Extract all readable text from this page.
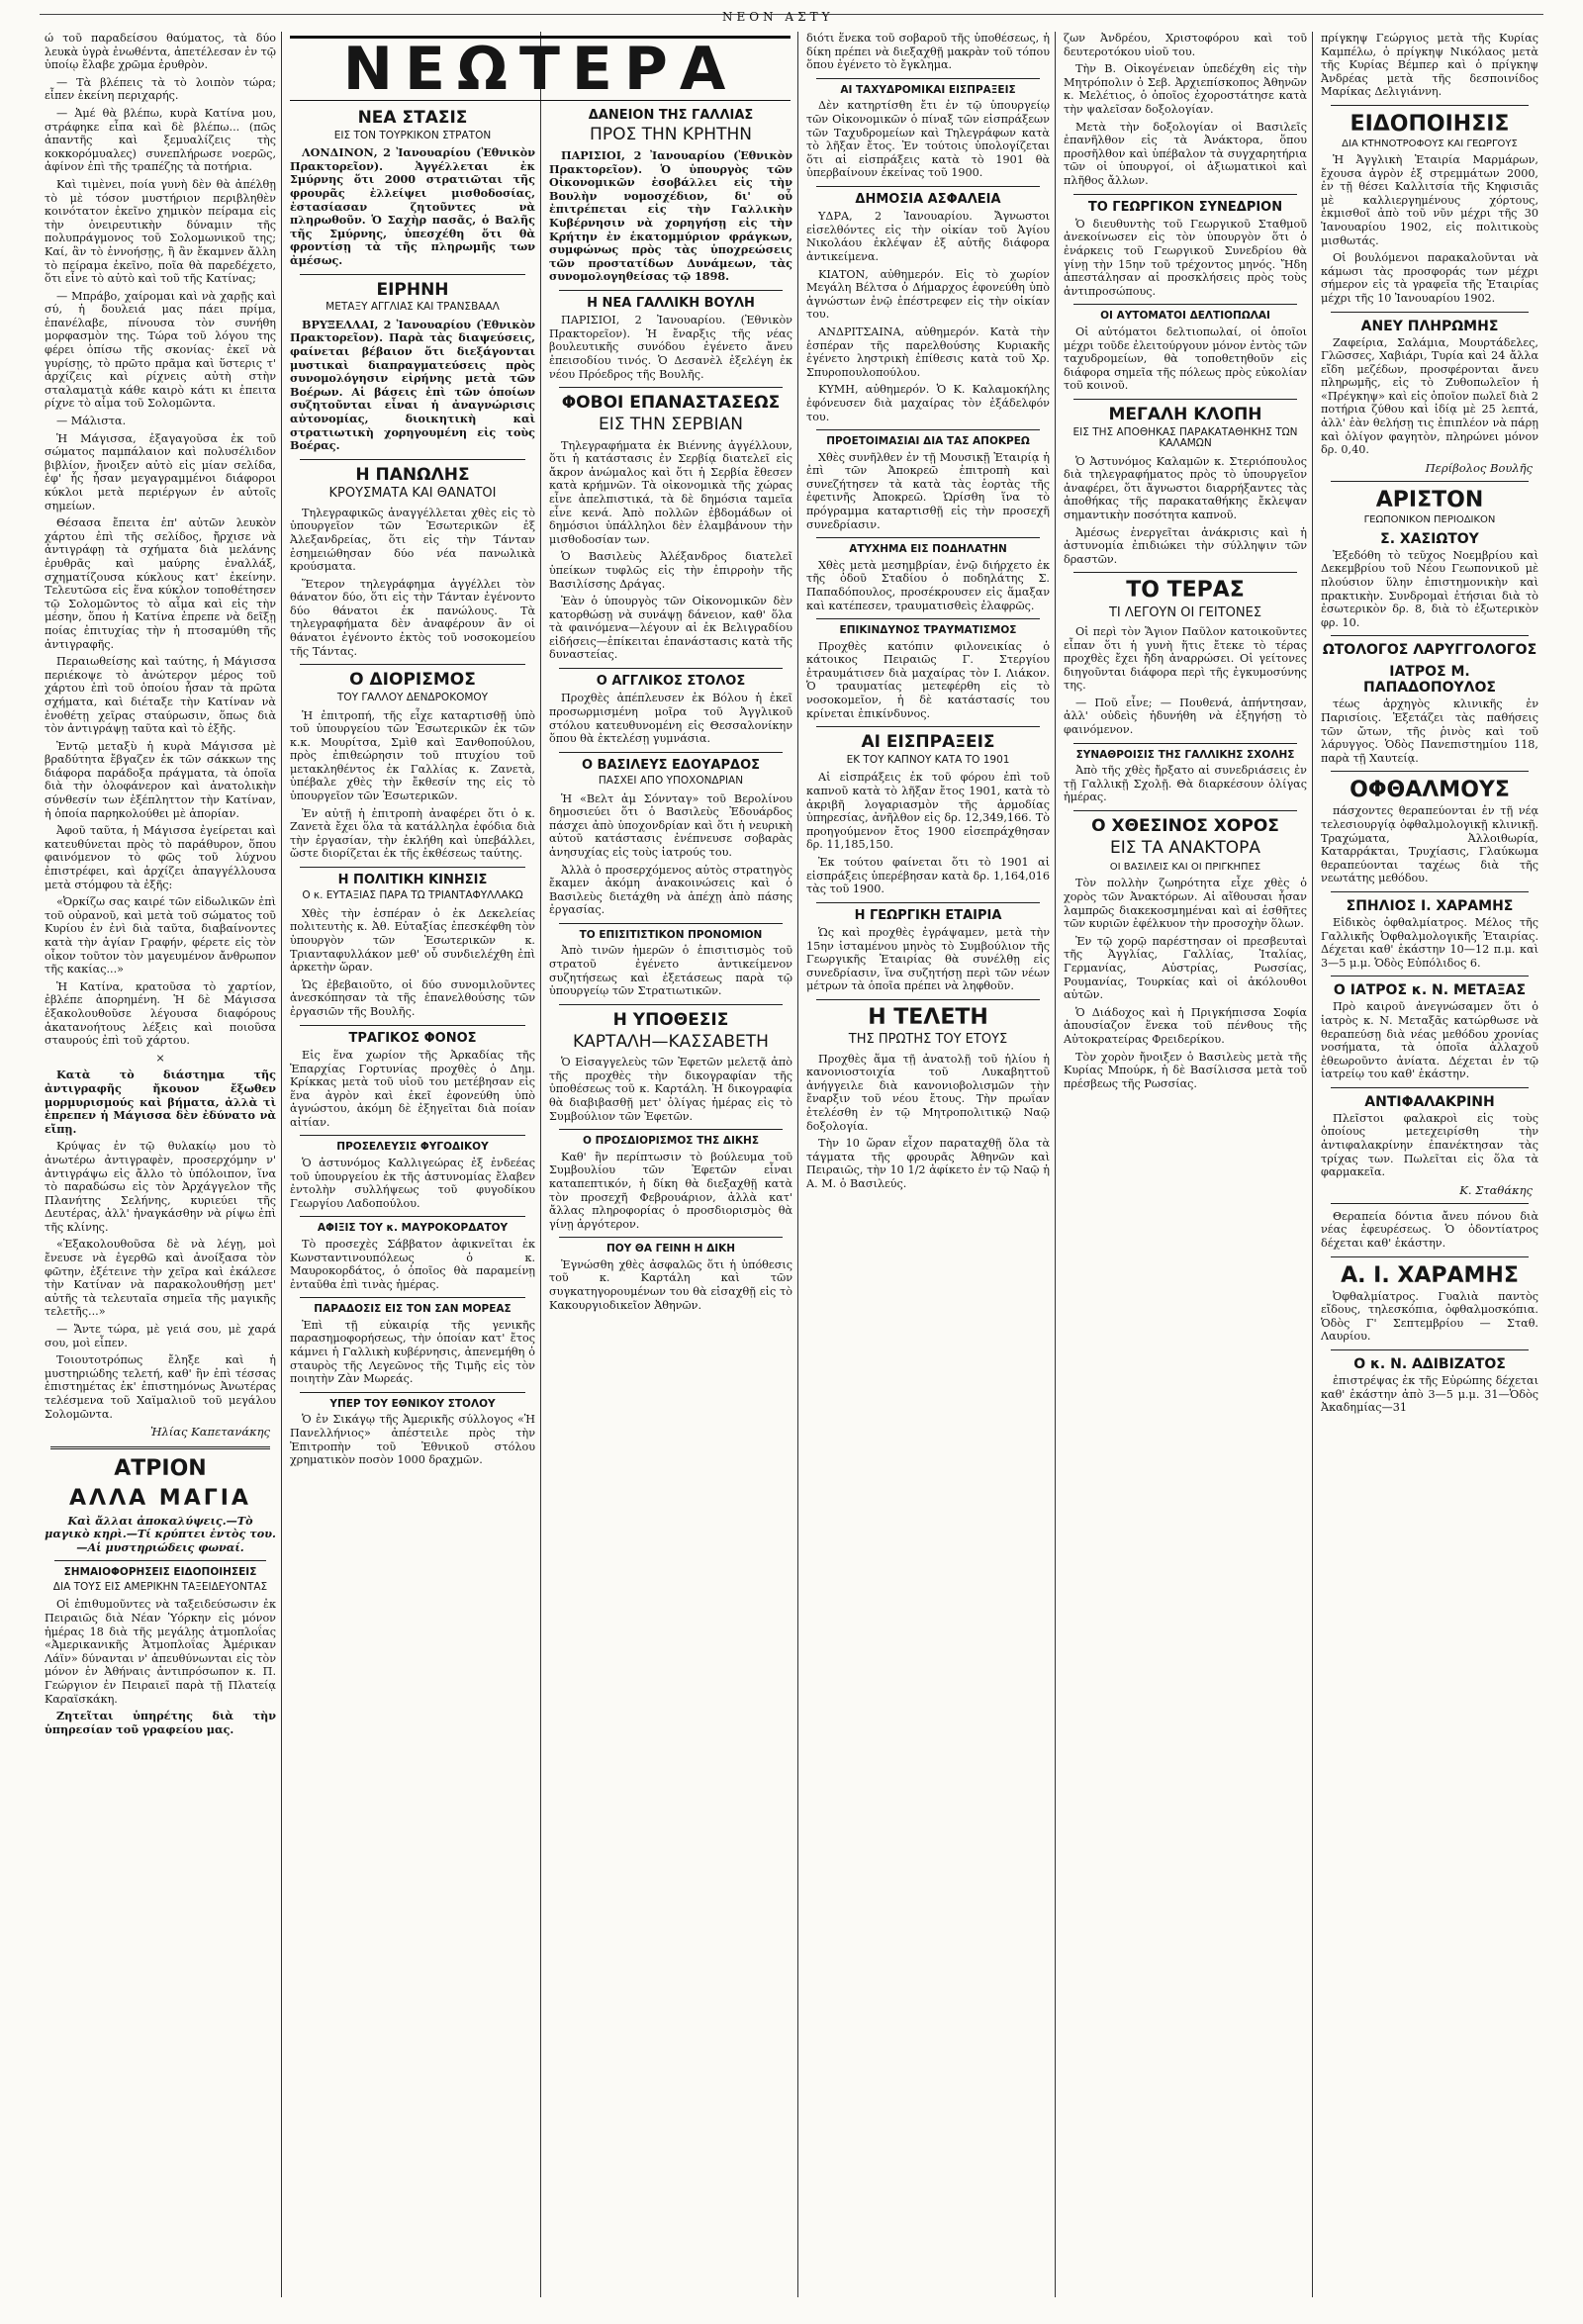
ΝΕΟΝ ΑΣΤΥ

ώ τοῦ παραδείσου θαύματος, τὰ δύο λευκὰ ὑγρὰ ἐνωθέντα, ἀπετέλεσαν ἐν τῷ ὑποίῳ ἔλαβε χρῶμα ἐρυθρὸν.

— Τὰ βλέπεις τὰ τὸ λοιπὸν τώρα; εἶπεν ἐκείνη περιχαρής.

— Ἀμέ θὰ βλέπω, κυρὰ Κατίνα μου, στράφηκε εἶπα καὶ δὲ βλέπω... (πῶς ἀπαντῆς καὶ ξεμυαλίζεις τὴς κοκκορόμυαλες) συνεπλήρωσε νοερῶς, ἀφίνον ἐπὶ τῆς τραπέζης τὰ ποτήρια.

Καὶ τιμὲνει, ποία γυνὴ δὲν θὰ ἀπέλθῃ τὸ μὲ τόσον μυστήριον περιβληθὲν κοινότατον ἐκεῖνο χημικὸν πείραμα εἰς τὴν ὀνειρευτικὴν δύναμιν τῆς πολυπράγμονος τοῦ Σολομωνικοῦ της; Καί, ἂν τὸ ἐννοήσῃς, ἢ ἂν ἔκαμνεν ἄλλη τὸ πείραμα ἐκεῖνο, ποῖα θὰ παρεδέχετο, ὅτι εἶνε τὸ αὐτὸ καὶ τοῦ τῆς Κατίνας;

— Μπράβο, χαίρομαι καὶ νὰ χαρῇς καὶ σύ, ἡ δουλειά μας πάει πρίμα, ἐπανέλαβε, πίνουσα τὸν συνήθη μορφασμὸν της. Τώρα τοῦ λόγου της φέρει ὀπίσω τῆς σκονίας· ἐκεῖ νὰ γυρίσῃς, τὸ πρῶτο πρᾶμα καὶ ὕστερις τ' ἀρχίζεις καὶ ρίχνεις αὐτὴ στὴν σταλαματιὰ κάθε καιρὸ κάτι κι ἐπειτα ρίχνε τὸ αἷμα τοῦ Σολομῶντα.

— Μάλιστα.

Ἡ Μάγισσα, ἐξαγαγοῦσα ἐκ τοῦ σώματος παμπάλαιον καὶ πολυσέλιδον βιβλίον, ἤνοιξεν αὐτὸ εἰς μίαν σελίδα, ἐφ' ἧς ἦσαν μεγαγραμμένοι διάφοροι κύκλοι μετὰ περιέργων ἐν αὐτοῖς σημείων.

Θέσασα ἔπειτα ἐπ' αὐτῶν λευκὸν χάρτου ἐπὶ τῆς σελίδος, ἤρχισε νὰ ἀντιγράφῃ τὰ σχήματα διὰ μελάνης ἐρυθρᾶς καὶ μαύρης ἐναλλάξ, σχηματίζουσα κύκλους κατ' ἐκείνην. Τελευτῶσα εἰς ἕνα κύκλον τοποθέτησεν τῷ Σολομῶντος τὸ αἷμα καὶ εἰς τὴν μέσην, ὅπου ἡ Κατίνα ἐπρεπε νὰ δεῖξῃ ποίας ἐπιτυχίας τὴν ἡ πτοσαμύθη τῆς ἀντιγραφῆς.

Περαιωθείσης καὶ ταύτης, ἡ Μάγισσα περιέκοψε τὸ ἀνώτερον μέρος τοῦ χάρτου ἐπὶ τοῦ ὁποίου ἦσαν τὰ πρῶτα σχήματα, καὶ διέταξε τὴν Κατίναν νὰ ἐνοθέτῃ χεῖρας σταύρωσιν, ὅπως διὰ τὸν ἀντιγράψῃ ταῦτα καὶ τὸ ἑξῆς.

Ἐντῷ μεταξὺ ἡ κυρὰ Μάγισσα μὲ βραδύτητα ἔβγαζεν ἐκ τῶν σάκκων της διάφορα παράδοξα πράγματα, τὰ ὁποῖα διὰ τὴν ὁλοφάνερον καὶ ἀνατολικὴν σύνθεσίν των ἐξέπληττον τὴν Κατίναν, ἡ ὁποία παρηκολούθει μὲ ἀπορίαν.

Ἀφοῦ ταῦτα, ἡ Μάγισσα ἐγείρεται καὶ κατευθύνεται πρὸς τὸ παράθυρον, ὅπου φαινόμενον τὸ φῶς τοῦ λύχνου ἐπιστρέφει, καὶ ἀρχίζει ἀπαγγέλλουσα μετὰ στόμφου τὰ ἑξῆς:

«Ὀρκίζω σας καιρέ τῶν εἰδωλικῶν ἐπὶ τοῦ οὐρανοῦ, καὶ μετὰ τοῦ σώματος τοῦ Κυρίου ἐν ἐνὶ διὰ ταῦτα, διαβαίνοντες κατὰ τὴν ἁγίαν Γραφήν, φέρετε εἰς τὸν οἶκον τοῦτον τὸν μαγευμένον ἄνθρωπον τῆς κακίας...»

Ἡ Κατίνα, κρατοῦσα τὸ χαρτίον, ἐβλέπε ἀπορημένη. Ἡ δὲ Μάγισσα ἐξακολουθοῦσε λέγουσα διαφόρους ἀκατανοήτους λέξεις καὶ ποιοῦσα σταυρούς ἐπὶ τοῦ χάρτου.

×

Κατὰ τὸ διάστημα τῆς ἀντιγραφῆς ἤκουον ἔξωθεν μορμυρισμούς καὶ βήματα, ἀλλὰ τὶ ἐπρεπεν ἡ Μάγισσα δὲν ἐδύνατο νὰ εἴπῃ.

Κρύψας ἐν τῷ θυλακίῳ μου τὸ ἀνωτέρω ἀντιγραφὲν, προσερχόμην ν' ἀντιγράψω εἰς ἄλλο τὸ ὑπόλοιπον, ἵνα τὸ παραδώσω εἰς τὸν Ἀρχάγγελον τῆς Πλανήτης Σελήνης, κυριεύει τῆς Δευτέρας, ἀλλ' ἠναγκάσθην νὰ ρίψω ἐπὶ τῆς κλίνης.

«Ἐξακολουθοῦσα δὲ νὰ λέγῃ, μοὶ ἔνευσε νὰ ἐγερθῶ καὶ ἀνοίξασα τὸν φῶτην, ἐξέτεινε τὴν χεῖρα καὶ ἐκάλεσε τὴν Κατίναν νὰ παρακολουθήσῃ μετ' αὐτῆς τὰ τελευταῖα σημεῖα τῆς μαγικῆς τελετῆς...»

— Ἄντε τώρα, μὲ γειά σου, μὲ χαρά σου, μοὶ εἶπεν.

Τοιουτοτρόπως ἔληξε καὶ ἡ μυστηριώδης τελετή, καθ' ἣν ἐπὶ τέσσας ἐπιστημέτας ἐκ' ἐπιστημόνως Ἀνωτέρας τελέσμενα τοῦ Χαϊμαλιοῦ τοῦ μεγάλου Σολομῶντα.

Ἠλίας Καπετανάκης
ΑΤΡΙΟΝ
ΑΛΛΑ ΜΑΓΙΑ

Καὶ ἄλλαι ἀποκαλύψεις.—Τὸ μαγικὸ κηρὶ.—Τί κρύπτει ἐντὸς του.—Αἱ μυστηριώδεις φωναί.

ΣΗΜΑΙΟΦΟΡΗΣΕΙΣ ΕΙΔΟΠΟΙΗΣΕΙΣ
ΔΙΑ ΤΟΥΣ ΕΙΣ ΑΜΕΡΙΚΗΝ ΤΑΞΕΙΔΕΥΟΝΤΑΣ

Οἱ ἐπιθυμοῦντες νὰ ταξειδεύσωσιν ἐκ Πειραιῶς διὰ Νέαν Ὑόρκην εἰς μόνον ἡμέρας 18 διὰ τῆς μεγάλης ἀτμοπλοΐας «Ἀμερικανικῆς Ἀτμοπλοΐας Ἀμέρικαν Λάϊν» δύνανται ν' ἀπευθύνωνται εἰς τὸν μόνον ἐν Ἀθήναις ἀντιπρόσωπον κ. Π. Γεώργιον ἐν Πειραιεῖ παρὰ τῇ Πλατείᾳ Καραϊσκάκη.

Ζητεῖται ὑπηρέτης διὰ τὴν ὑπηρεσίαν τοῦ γραφείου μας.

ΝΕΩΤΕΡΑ
ΝΕΑ ΣΤΑΣΙΣ
ΕΙΣ ΤΟΝ ΤΟΥΡΚΙΚΟΝ ΣΤΡΑΤΟΝ

ΛΟΝΔΙΝΟΝ, 2 Ἰανουαρίου (Ἐθνικὸν Πρακτορεῖον). Ἀγγέλλεται ἐκ Σμύρνης ὅτι 2000 στρατιῶται τῆς φρουρᾶς ἐλλείψει μισθοδοσίας, ἐστασίασαν ζητοῦντες νὰ πληρωθοῦν. Ὁ Σαχὴρ πασᾶς, ὁ Βαλῆς τῆς Σμύρνης, ὑπεσχέθη ὅτι θὰ φροντίσῃ τὰ τῆς πληρωμῆς των ἀμέσως.

ΕΙΡΗΝΗ
ΜΕΤΑΞΥ ΑΓΓΛΙΑΣ ΚΑΙ ΤΡΑΝΣΒΑΑΛ

ΒΡΥΞΕΛΛΑΙ, 2 Ἰανουαρίου (Ἐθνικὸν Πρακτορεῖον). Παρὰ τὰς διαψεύσεις, φαίνεται βέβαιον ὅτι διεξάγονται μυστικαὶ διαπραγματεύσεις πρὸς συνομολόγησιν εἰρήνης μετὰ τῶν Βοέρων. Αἱ βάσεις ἐπὶ τῶν ὁποίων συζητοῦνται εἶναι ἡ ἀναγνώρισις αὐτονομίας, διοικητικὴ καὶ στρατιωτικὴ χορηγουμένη εἰς τοὺς Βοέρας.

Η ΠΑΝΩΛΗΣ
ΚΡΟΥΣΜΑΤΑ ΚΑΙ ΘΑΝΑΤΟΙ

Τηλεγραφικῶς ἀναγγέλλεται χθὲς εἰς τὸ ὑπουργεῖον τῶν Ἐσωτερικῶν ἐξ Ἀλεξανδρείας, ὅτι εἰς τὴν Τάνταν ἐσημειώθησαν δύο νέα πανωλικὰ κρούσματα.

Ἕτερον τηλεγράφημα ἀγγέλλει τὸν θάνατον δύο, ὅτι εἰς τὴν Τάνταν ἐγένοντο δύο θάνατοι ἐκ πανώλους. Τὰ τηλεγραφήματα δὲν ἀναφέρουν ἂν οἱ θάνατοι ἐγένοντο ἐκτὸς τοῦ νοσοκομείου τῆς Τάντας.

Ο ΔΙΟΡΙΣΜΟΣ
ΤΟΥ ΓΑΛΛΟΥ ΔΕΝΔΡΟΚΟΜΟΥ

Ἡ ἐπιτροπή, τῆς εἶχε καταρτισθῇ ὑπὸ τοῦ ὑπουργείου τῶν Ἐσωτερικῶν ἐκ τῶν κ.κ. Μουρίτσα, Σμὶθ καὶ Ξανθοπούλου, πρὸς ἐπιθεώρησιν τοῦ πτυχίου τοῦ μετακληθέντος ἐκ Γαλλίας κ. Ζανετὰ, ὑπέβαλε χθὲς τὴν ἔκθεσίν της εἰς τὸ ὑπουργεῖον τῶν Ἐσωτερικῶν.

Ἐν αὐτῇ ἡ ἐπιτροπὴ ἀναφέρει ὅτι ὁ κ. Ζανετὰ ἔχει ὅλα τὰ κατάλληλα ἐφόδια διὰ τὴν ἐργασίαν, τὴν ἐκλήθη καὶ ὑπεβάλλει, ὥστε διορίζεται ἐκ τῆς ἐκθέσεως ταύτης.

Η ΠΟΛΙΤΙΚΗ ΚΙΝΗΣΙΣ
Ο κ. ΕΥΤΑΞΙΑΣ ΠΑΡΑ ΤΩ ΤΡΙΑΝΤΑΦΥΛΛΑΚΩ

Χθὲς τὴν ἑσπέραν ὁ ἐκ Δεκελείας πολιτευτὴς κ. Ἀθ. Εὐταξίας ἐπεσκέφθη τὸν ὑπουργὸν τῶν Ἐσωτερικῶν κ. Τριανταφυλλάκον μεθ' οὗ συνδιελέχθη ἐπὶ ἀρκετὴν ὥραν.

Ὡς ἐβεβαιοῦτο, οἱ δύο συνομιλοῦντες ἀνεσκόπησαν τὰ τῆς ἐπανελθούσης τῶν ἐργασιῶν τῆς Βουλῆς.

ΤΡΑΓΙΚΟΣ ΦΟΝΟΣ

Εἰς ἕνα χωρίον τῆς Ἀρκαδίας τῆς Ἐπαρχίας Γορτυνίας προχθὲς ὁ Δημ. Κρίκκας μετὰ τοῦ υἱοῦ του μετέβησαν εἰς ἕνα ἀγρὸν καὶ ἐκεῖ ἐφονεύθη ὑπὸ ἀγνώστου, ἀκόμη δὲ ἐξηγεῖται διὰ ποίαν αἰτίαν.

ΠΡΟΣΕΛΕΥΣΙΣ ΦΥΓΟΔΙΚΟΥ

Ὁ ἀστυνόμος Καλλιγεώρας ἐξ ἐνδεέας τοῦ ὑπουργείου ἐκ τῆς ἀστυνομίας ἔλαβεν ἐντολὴν συλλήψεως τοῦ φυγοδίκου Γεωργίου Λαδοπούλου.

ΑΦΙΞΙΣ ΤΟΥ κ. ΜΑΥΡΟΚΟΡΔΑΤΟΥ

Τὸ προσεχὲς Σάββατον ἀφικνεῖται ἐκ Κωνσταντινουπόλεως ὁ κ. Μαυροκορδάτος, ὁ ὁποῖος θὰ παραμείνῃ ἐνταῦθα ἐπὶ τινὰς ἡμέρας.

ΠΑΡΑΔΟΣΙΣ ΕΙΣ ΤΟΝ ΣΑΝ ΜΟΡΕΑΣ

Ἐπὶ τῇ εὐκαιρίᾳ τῆς γενικῆς παρασημοφορήσεως, τὴν ὁποίαν κατ' ἔτος κάμνει ἡ Γαλλικὴ κυβέρνησις, ἀπενεμήθη ὁ σταυρὸς τῆς Λεγεῶνος τῆς Τιμῆς εἰς τὸν ποιητὴν Ζὰν Μωρεάς.

ΥΠΕΡ ΤΟΥ ΕΘΝΙΚΟΥ ΣΤΟΛΟΥ

Ὁ ἐν Σικάγῳ τῆς Ἀμερικῆς σύλλογος «Ἡ Πανελλήνιος» ἀπέστειλε πρὸς τὴν Ἐπιτροπὴν τοῦ Ἐθνικοῦ στόλου χρηματικὸν ποσὸν 1000 δραχμῶν.

ΔΑΝΕΙΟΝ ΤΗΣ ΓΑΛΛΙΑΣ
ΠΡΟΣ ΤΗΝ ΚΡΗΤΗΝ

ΠΑΡΙΣΙΟΙ, 2 Ἰανουαρίου (Ἐθνικὸν Πρακτορεῖον). Ὁ ὑπουργὸς τῶν Οἰκονομικῶν ἐσοβάλλει εἰς τὴν Βουλὴν νομοσχέδιον, δι' οὗ ἐπιτρέπεται εἰς τὴν Γαλλικὴν Κυβέρνησιν νὰ χορηγήσῃ εἰς τὴν Κρήτην ἐν ἑκατομμύριον φράγκων, συμφώνως πρὸς τὰς ὑποχρεώσεις τῶν προστατίδων Δυνάμεων, τὰς συνομολογηθείσας τῷ 1898.

Η ΝΕΑ ΓΑΛΛΙΚΗ ΒΟΥΛΗ

ΠΑΡΙΣΙΟΙ, 2 Ἰανουαρίου. (Ἐθνικὸν Πρακτορεῖον). Ἡ ἔναρξις τῆς νέας βουλευτικῆς συνόδου ἐγένετο ἄνευ ἐπεισοδίου τινός. Ὁ Δεσανὲλ ἐξελέγη ἐκ νέου Πρόεδρος τῆς Βουλῆς.

ΦΟΒΟΙ ΕΠΑΝΑΣΤΑΣΕΩΣ
ΕΙΣ ΤΗΝ ΣΕΡΒΙΑΝ

Τηλεγραφήματα ἐκ Βιέννης ἀγγέλλουν, ὅτι ἡ κατάστασις ἐν Σερβίᾳ διατελεῖ εἰς ἄκρον ἀνώμαλος καὶ ὅτι ἡ Σερβία ἔθεσεν κατὰ κρήμνῶν. Τὰ οἰκονομικὰ τῆς χώρας εἶνε ἀπελπιστικά, τὰ δὲ δημόσια ταμεῖα εἶνε κενά. Ἀπὸ πολλῶν ἐβδομάδων οἱ δημόσιοι ὑπάλληλοι δὲν ἐλαμβάνουν τὴν μισθοδοσίαν των.

Ὁ Βασιλεὺς Ἀλέξανδρος διατελεῖ ὑπείκων τυφλῶς εἰς τὴν ἐπιρροὴν τῆς Βασιλίσσης Δράγας.

Ἐὰν ὁ ὑπουργὸς τῶν Οἰκονομικῶν δὲν κατορθώσῃ νὰ συνάψῃ δάνειον, καθ' ὅλα τὰ φαινόμενα—λέγουν αἱ ἐκ Βελιγραδίου εἰδήσεις—ἐπίκειται ἐπανάστασις κατὰ τῆς δυναστείας.

Ο ΑΓΓΛΙΚΟΣ ΣΤΟΛΟΣ

Προχθὲς ἀπέπλευσεν ἐκ Βόλου ἡ ἐκεῖ προσωρμισμένη μοῖρα τοῦ Ἀγγλικοῦ στόλου κατευθυνομένη εἰς Θεσσαλονίκην ὅπου θὰ ἐκτελέσῃ γυμνάσια.

Ο ΒΑΣΙΛΕΥΣ ΕΔΟΥΑΡΔΟΣ
ΠΑΣΧΕΙ ΑΠΟ ΥΠΟΧΟΝΔΡΙΑΝ

Ἡ «Βελτ ἀμ Σόννταγ» τοῦ Βερολίνου δημοσιεύει ὅτι ὁ Βασιλεὺς Ἐδουάρδος πάσχει ἀπὸ ὑποχονδρίαν καὶ ὅτι ἡ νευρικὴ αὐτοῦ κατάστασις ἐνέπνευσε σοβαρὰς ἀνησυχίας εἰς τοὺς ἰατρούς του.

Ἀλλὰ ὁ προσερχόμενος αὐτὸς στρατηγὸς ἔκαμεν ἀκόμη ἀνακοινώσεις καὶ ὁ Βασιλεὺς διετάχθη νὰ ἀπέχῃ ἀπὸ πάσης ἐργασίας.

ΤΟ ΕΠΙΣΙΤΙΣΤΙΚΟΝ ΠΡΟΝΟΜΙΟΝ

Ἀπὸ τινῶν ἡμερῶν ὁ ἐπισιτισμὸς τοῦ στρατοῦ ἐγένετο ἀντικείμενον συζητήσεως καὶ ἐξετάσεως παρὰ τῷ ὑπουργείῳ τῶν Στρατιωτικῶν.

Η ΥΠΟΘΕΣΙΣ
ΚΑΡΤΑΛΗ—ΚΑΣΣΑΒΕΤΗ

Ὁ Εἰσαγγελεὺς τῶν Ἐφετῶν μελετᾷ ἀπὸ τῆς προχθὲς τὴν δικογραφίαν τῆς ὑποθέσεως τοῦ κ. Καρτάλη. Ἡ δικογραφία θὰ διαβιβασθῇ μετ' ὀλίγας ἡμέρας εἰς τὸ Συμβούλιον τῶν Ἐφετῶν.

Ο ΠΡΟΣΔΙΟΡΙΣΜΟΣ ΤΗΣ ΔΙΚΗΣ

Καθ' ἣν περίπτωσιν τὸ βούλευμα τοῦ Συμβουλίου τῶν Ἐφετῶν εἶναι καταπεπτικόν, ἡ δίκη θὰ διεξαχθῇ κατὰ τὸν προσεχῆ Φεβρουάριον, ἀλλὰ κατ' ἄλλας πληροφορίας ὁ προσδιορισμὸς θὰ γίνῃ ἀργότερον.

ΠΟΥ ΘΑ ΓΕΙΝΗ Η ΔΙΚΗ

Ἐγνώσθη χθὲς ἀσφαλῶς ὅτι ἡ ὑπόθεσις τοῦ κ. Καρτάλη καὶ τῶν συγκατηγορουμένων του θὰ εἰσαχθῇ εἰς τὸ Κακουργιοδικεῖον Ἀθηνῶν.

διότι ἕνεκα τοῦ σοβαροῦ τῆς ὑποθέσεως, ἡ δίκη πρέπει νὰ διεξαχθῇ μακρὰν τοῦ τόπου ὅπου ἐγένετο τὸ ἔγκλημα.

ΑΙ ΤΑΧΥΔΡΟΜΙΚΑΙ ΕΙΣΠΡΑΞΕΙΣ

Δὲν κατηρτίσθη ἔτι ἐν τῷ ὑπουργείῳ τῶν Οἰκονομικῶν ὁ πίναξ τῶν εἰσπράξεων τῶν Ταχυδρομείων καὶ Τηλεγράφων κατὰ τὸ λῆξαν ἔτος. Ἐν τούτοις ὑπολογίζεται ὅτι αἱ εἰσπράξεις κατὰ τὸ 1901 θὰ ὑπερβαίνουν ἐκείνας τοῦ 1900.

ΔΗΜΟΣΙΑ ΑΣΦΑΛΕΙΑ

ΥΔΡΑ, 2 Ἰανουαρίου. Ἄγνωστοι εἰσελθόντες εἰς τὴν οἰκίαν τοῦ Ἀγίου Νικολάου ἐκλέψαν ἐξ αὐτῆς διάφορα ἀντικείμενα.

ΚΙΑΤΟΝ, αὐθημερόν. Εἰς τὸ χωρίον Μεγάλη Βέλτσα ὁ Δήμαρχος ἐφονεύθη ὑπὸ ἀγνώστων ἐνῷ ἐπέστρεφεν εἰς τὴν οἰκίαν του.

ΑΝΔΡΙΤΣΑΙΝΑ, αὐθημερόν. Κατὰ τὴν ἑσπέραν τῆς παρελθούσης Κυριακῆς ἐγένετο ληστρικὴ ἐπίθεσις κατὰ τοῦ Χρ. Σπυροπουλοπούλου.

ΚΥΜΗ, αὐθημερόν. Ὁ Κ. Καλαμοκήλης ἐφόνευσεν διὰ μαχαίρας τὸν ἐξάδελφόν του.

ΠΡΟΕΤΟΙΜΑΣΙΑΙ ΔΙΑ ΤΑΣ ΑΠΟΚΡΕΩ

Χθὲς συνῆλθεν ἐν τῇ Μουσικῇ Ἑταιρίᾳ ἡ ἐπὶ τῶν Ἀποκρεῶ ἐπιτροπὴ καὶ συνεζήτησεν τὰ κατὰ τὰς ἑορτὰς τῆς ἐφετινῆς Ἀποκρεῶ. Ὡρίσθη ἵνα τὸ πρόγραμμα καταρτισθῇ εἰς τὴν προσεχῆ συνεδρίασιν.

ΑΤΥΧΗΜΑ ΕΙΣ ΠΟΔΗΛΑΤΗΝ

Χθὲς μετὰ μεσημβρίαν, ἐνῷ διήρχετο ἐκ τῆς ὁδοῦ Σταδίου ὁ ποδηλάτης Σ. Παπαδόπουλος, προσέκρουσεν εἰς ἅμαξαν καὶ κατέπεσεν, τραυματισθεὶς ἐλαφρῶς.

ΕΠΙΚΙΝΔΥΝΟΣ ΤΡΑΥΜΑΤΙΣΜΟΣ

Προχθὲς κατόπιν φιλονεικίας ὁ κάτοικος Πειραιῶς Γ. Στεργίου ἐτραυμάτισεν διὰ μαχαίρας τὸν Ι. Λιάκον. Ὁ τραυματίας μετεφέρθη εἰς τὸ νοσοκομεῖον, ἡ δὲ κατάστασίς του κρίνεται ἐπικίνδυνος.

ΑΙ ΕΙΣΠΡΑΞΕΙΣ
ΕΚ ΤΟΥ ΚΑΠΝΟΥ ΚΑΤΑ ΤΟ 1901

Αἱ εἰσπράξεις ἐκ τοῦ φόρου ἐπὶ τοῦ καπνοῦ κατὰ τὸ λῆξαν ἔτος 1901, κατὰ τὸ ἀκριβῆ λογαριασμὸν τῆς ἁρμοδίας ὑπηρεσίας, ἀνῆλθον εἰς δρ. 12,349,166. Τὸ προηγούμενον ἔτος 1900 εἰσεπράχθησαν δρ. 11,185,150.

Ἐκ τούτου φαίνεται ὅτι τὸ 1901 αἱ εἰσπράξεις ὑπερέβησαν κατὰ δρ. 1,164,016 τὰς τοῦ 1900.

Η ΓΕΩΡΓΙΚΗ ΕΤΑΙΡΙΑ

Ὡς καὶ προχθὲς ἐγράψαμεν, μετὰ τὴν 15ην ἰσταμένου μηνὸς τὸ Συμβούλιον τῆς Γεωργικῆς Ἑταιρίας θὰ συνέλθῃ εἰς συνεδρίασιν, ἵνα συζητήσῃ περὶ τῶν νέων μέτρων τὰ ὁποῖα πρέπει νὰ ληφθοῦν.

Η ΤΕΛΕΤΗ
ΤΗΣ ΠΡΩΤΗΣ ΤΟΥ ΕΤΟΥΣ

Προχθὲς ἅμα τῇ ἀνατολῇ τοῦ ἡλίου ἡ κανονιοστοιχία τοῦ Λυκαβηττοῦ ἀνήγγειλε διὰ κανονιοβολισμῶν τὴν ἔναρξιν τοῦ νέου ἔτους. Τὴν πρωΐαν ἐτελέσθη ἐν τῷ Μητροπολιτικῷ Ναῷ δοξολογία.

Τὴν 10 ὥραν εἶχον παραταχθῇ ὅλα τὰ τάγματα τῆς φρουρᾶς Ἀθηνῶν καὶ Πειραιῶς, τὴν 10 1/2 ἀφίκετο ἐν τῷ Ναῷ ἡ Α. Μ. ὁ Βασιλεύς.

ζων Ἀνδρέου, Χριστοφόρου καὶ τοῦ δευτεροτόκου υἱοῦ του.

Τὴν Β. Οἰκογένειαν ὑπεδέχθη εἰς τὴν Μητρόπολιν ὁ Σεβ. Ἀρχιεπίσκοπος Ἀθηνῶν κ. Μελέτιος, ὁ ὁποῖος ἐχοροστάτησε κατὰ τὴν ψαλεῖσαν δοξολογίαν.

Μετὰ τὴν δοξολογίαν οἱ Βασιλεῖς ἐπανῆλθον εἰς τὰ Ἀνάκτορα, ὅπου προσῆλθον καὶ ὑπέβαλον τὰ συγχαρητήρια τῶν οἱ ὑπουργοί, οἱ ἀξιωματικοὶ καὶ πλῆθος ἄλλων.

ΤΟ ΓΕΩΡΓΙΚΟΝ ΣΥΝΕΔΡΙΟΝ

Ὁ διευθυντὴς τοῦ Γεωργικοῦ Σταθμοῦ ἀνεκοίνωσεν εἰς τὸν ὑπουργὸν ὅτι ὁ ἐνάρκεις τοῦ Γεωργικοῦ Συνεδρίου θὰ γίνῃ τὴν 15ην τοῦ τρέχοντος μηνός. Ἤδη ἀπεστάλησαν αἱ προσκλήσεις πρὸς τοὺς ἀντιπροσώπους.

ΟΙ ΑΥΤΟΜΑΤΟΙ ΔΕΛΤΙΟΠΩΛΑΙ

Οἱ αὐτόματοι δελτιοπωλαί, οἱ ὁποῖοι μέχρι τοῦδε ἐλειτούργουν μόνον ἐντὸς τῶν ταχυδρομείων, θὰ τοποθετηθοῦν εἰς διάφορα σημεῖα τῆς πόλεως πρὸς εὐκολίαν τοῦ κοινοῦ.

ΜΕΓΑΛΗ ΚΛΟΠΗ
ΕΙΣ ΤΗΣ ΑΠΟΘΗΚΑΣ ΠΑΡΑΚΑΤΑΘΗΚΗΣ ΤΩΝ ΚΑΛΑΜΩΝ

Ὁ Ἀστυνόμος Καλαμῶν κ. Στεριόπουλος διὰ τηλεγραφήματος πρὸς τὸ ὑπουργεῖον ἀναφέρει, ὅτι ἄγνωστοι διαρρήξαντες τὰς ἀποθήκας τῆς παρακαταθήκης ἔκλεψαν σημαντικὴν ποσότητα καπνοῦ.

Ἀμέσως ἐνεργεῖται ἀνάκρισις καὶ ἡ ἀστυνομία ἐπιδιώκει τὴν σύλληψιν τῶν δραστῶν.

ΤΟ ΤΕΡΑΣ
ΤΙ ΛΕΓΟΥΝ ΟΙ ΓΕΙΤΟΝΕΣ

Οἱ περὶ τὸν Ἅγιον Παῦλον κατοικοῦντες εἶπαν ὅτι ἡ γυνὴ ἥτις ἔτεκε τὸ τέρας προχθὲς ἔχει ἤδη ἀναρρώσει. Οἱ γείτονες διηγοῦνται διάφορα περὶ τῆς ἐγκυμοσύνης της.

— Ποῦ εἶνε; — Πουθενά, ἀπήντησαν, ἀλλ' οὐδεὶς ἠδυνήθη νὰ ἐξηγήσῃ τὸ φαινόμενον.

ΣΥΝΑΘΡΟΙΣΙΣ ΤΗΣ ΓΑΛΛΙΚΗΣ ΣΧΟΛΗΣ

Ἀπὸ τῆς χθὲς ἤρξατο αἱ συνεδριάσεις ἐν τῇ Γαλλικῇ Σχολῇ. Θὰ διαρκέσουν ὀλίγας ἡμέρας.

Ο ΧΘΕΣΙΝΟΣ ΧΟΡΟΣ
ΕΙΣ ΤΑ ΑΝΑΚΤΟΡΑ
ΟΙ ΒΑΣΙΛΕΙΣ ΚΑΙ ΟΙ ΠΡΙΓΚΗΠΕΣ

Τὸν πολλὴν ζωηρότητα εἶχε χθὲς ὁ χορὸς τῶν Ἀνακτόρων. Αἱ αἴθουσαι ἦσαν λαμπρῶς διακεκοσμημέναι καὶ αἱ ἐσθῆτες τῶν κυριῶν ἐφέλκυον τὴν προσοχὴν ὅλων.

Ἐν τῷ χορῷ παρέστησαν οἱ πρεσβευταὶ τῆς Ἀγγλίας, Γαλλίας, Ἰταλίας, Γερμανίας, Αὐστρίας, Ρωσσίας, Ρουμανίας, Τουρκίας καὶ οἱ ἀκόλουθοι αὐτῶν.

Ὁ Διάδοχος καὶ ἡ Πριγκήπισσα Σοφία ἀπουσίαζον ἕνεκα τοῦ πένθους τῆς Αὐτοκρατείρας Φρειδερίκου.

Τὸν χορὸν ἤνοιξεν ὁ Βασιλεὺς μετὰ τῆς Κυρίας Μπούρκ, ἡ δὲ Βασίλισσα μετὰ τοῦ πρέσβεως τῆς Ρωσσίας.

πρίγκηψ Γεώργιος μετὰ τῆς Κυρίας Καμπέλω, ὁ πρίγκηψ Νικόλαος μετὰ τῆς Κυρίας Βέμπερ καὶ ὁ πρίγκηψ Ἀνδρέας μετὰ τῆς δεσποινίδος Μαρίκας Δελιγιάννη.

ΕΙΔΟΠΟΙΗΣΙΣ
ΔΙΑ ΚΤΗΝΟΤΡΟΦΟΥΣ ΚΑΙ ΓΕΩΡΓΟΥΣ

Ἡ Ἀγγλικὴ Ἑταιρία Μαρμάρων, ἔχουσα ἀγρὸν ἐξ στρεμμάτων 2000, ἐν τῇ θέσει Καλλιτσία τῆς Κηφισιᾶς μὲ καλλιεργημένους χόρτους, ἐκμισθοῖ ἀπὸ τοῦ νῦν μέχρι τῆς 30 Ἰανουαρίου 1902, εἰς πολιτικοὺς μισθωτάς.

Οἱ βουλόμενοι παρακαλοῦνται νὰ κάμωσι τὰς προσφοράς των μέχρι σήμερον εἰς τὰ γραφεῖα τῆς Ἑταιρίας μέχρι τῆς 10 Ἰανουαρίου 1902.

ΑΝΕΥ ΠΛΗΡΩΜΗΣ

Ζαφείρια, Σαλάμια, Μουρτάδελες, Γλῶσσες, Χαβιάρι, Τυρία καὶ 24 ἄλλα εἴδη μεζέδων, προσφέρονται ἄνευ πληρωμῆς, εἰς τὸ Ζυθοπωλεῖον ἡ «Πρέγκηψ» καὶ εἰς ὁποῖον πωλεῖ διὰ 2 ποτήρια ζύθου καὶ ἰδίᾳ μὲ 25 λεπτά, ἀλλ' ἐὰν θελήσῃ τις ἐπιπλέον νὰ πάρῃ καὶ ὀλίγον φαγητὸν, πληρώνει μόνον δρ. 0,40.

Περίβολος Βουλῆς
ΑΡΙΣΤΟΝ
ΓΕΩΠΟΝΙΚΟΝ ΠΕΡΙΟΔΙΚΟΝ
Σ. ΧΑΣΙΩΤΟΥ

Ἐξεδόθη τὸ τεῦχος Νοεμβρίου καὶ Δεκεμβρίου τοῦ Νέου Γεωπονικοῦ μὲ πλούσιον ὕλην ἐπιστημονικὴν καὶ πρακτικὴν. Συνδρομαὶ ἐτήσιαι διὰ τὸ ἐσωτερικὸν δρ. 8, διὰ τὸ ἐξωτερικὸν φρ. 10.

ΩΤΟΛΟΓΟΣ ΛΑΡΥΓΓΟΛΟΓΟΣ
ΙΑΤΡΟΣ Μ. ΠΑΠΑΔΟΠΟΥΛΟΣ

τέως ἀρχηγὸς κλινικῆς ἐν Παρισίοις. Ἐξετάζει τὰς παθήσεις τῶν ὤτων, τῆς ῥινὸς καὶ τοῦ λάρυγγος. Ὁδὸς Πανεπιστημίου 118, παρὰ τῇ Χαυτείᾳ.

ΟΦΘΑΛΜΟΥΣ

πάσχοντες θεραπεύονται ἐν τῇ νέᾳ τελεσιουργίᾳ ὀφθαλμολογικῇ κλινικῇ. Τραχώματα, Ἀλλοιθωρία, Καταρράκται, Τρυχίασις, Γλαύκωμα θεραπεύονται ταχέως διὰ τῆς νεωτάτης μεθόδου.

ΣΠΗΛΙΟΣ Ι. ΧΑΡΑΜΗΣ

Εἰδικὸς ὀφθαλμίατρος. Μέλος τῆς Γαλλικῆς Ὀφθαλμολογικῆς Ἑταιρίας. Δέχεται καθ' ἑκάστην 10—12 π.μ. καὶ 3—5 μ.μ. Ὁδὸς Εὐπόλιδος 6.

Ο ΙΑΤΡΟΣ κ. Ν. ΜΕΤΑΞΑΣ

Πρὸ καιροῦ ἀνεγνώσαμεν ὅτι ὁ ἰατρὸς κ. Ν. Μεταξᾶς κατώρθωσε νὰ θεραπεύσῃ διὰ νέας μεθόδου χρονίας νοσήματα, τὰ ὁποῖα ἀλλαχοῦ ἐθεωροῦντο ἀνίατα. Δέχεται ἐν τῷ ἰατρείῳ του καθ' ἑκάστην.

ΑΝΤΙΦΑΛΑΚΡΙΝΗ

Πλεῖστοι φαλακροὶ εἰς τοὺς ὁποίους μετεχειρίσθη τὴν ἀντιφαλακρίνην ἐπανέκτησαν τὰς τρίχας των. Πωλεῖται εἰς ὅλα τὰ φαρμακεῖα.

Κ. Σταθάκης

Θεραπεία δόντια ἄνευ πόνου διὰ νέας ἐφευρέσεως. Ὁ ὀδοντίατρος δέχεται καθ' ἑκάστην.

Α. Ι. ΧΑΡΑΜΗΣ

Ὀφθαλμίατρος. Γυαλιὰ παντὸς εἴδους, τηλεσκόπια, ὀφθαλμοσκόπια. Ὁδὸς Γ' Σεπτεμβρίου — Σταθ. Λαυρίου.

Ο κ. Ν. ΑΔΙΒΙΖΑΤΟΣ

ἐπιστρέψας ἐκ τῆς Εὐρώπης δέχεται καθ' ἑκάστην ἀπὸ 3—5 μ.μ. 31—Ὁδὸς Ἀκαδημίας—31
